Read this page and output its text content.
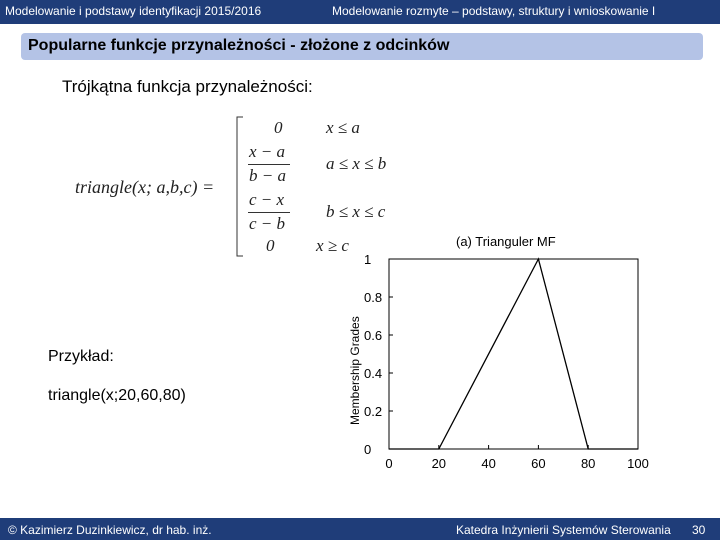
Modelowanie i podstawy identyfikacji 2015/2016	Modelowanie rozmyte – podstawy, struktury i wnioskowanie I
Popularne funkcje przynależności - złożone z odcinków
Trójkątna funkcja przynależności:
triangle(x; a,b,c) =
0	x ≤ a
x − a
b − a
a ≤ x ≤ b
c − x
c − b
b ≤ x ≤ c
0 x ≥ c	(a) Trianguler MF
Membership Grades
0	20	40	60	80 100
0
0.2
0.4
0.6
0.8
1
Przykład:
triangle(x;20,60,80)
© Kazimierz Duzinkiewicz, dr hab. inż.	Katedra Inżynierii Systemów Sterowania 30
